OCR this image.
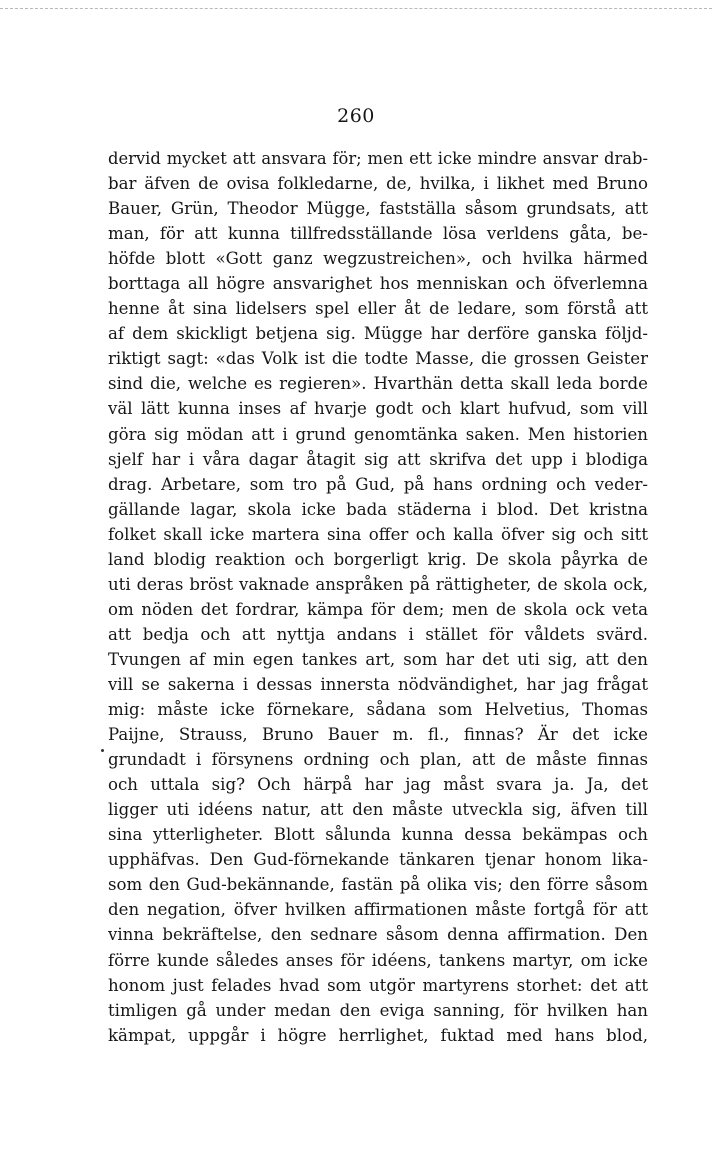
260
dervid mycket att ansvara för; men ett icke mindre ansvar drab-
bar äfven de ovisa folkledarne, de, hvilka, i likhet med Bruno
Bauer, Grün, Theodor Mügge, fastställa såsom grundsats, att
man, för att kunna tillfredsställande lösa verldens gåta, be-
höfde blott «Gott ganz wegzustreichen», och hvilka härmed
borttaga all högre ansvarighet hos menniskan och öfverlemna
henne åt sina lidelsers spel eller åt de ledare, som förstå att
af dem skickligt betjena sig. Mügge har derföre ganska följd-
riktigt sagt: «das Volk ist die todte Masse, die grossen Geister
sind die, welche es regieren». Hvarthän detta skall leda borde
väl lätt kunna inses af hvarje godt och klart hufvud, som vill
göra sig mödan att i grund genomtänka saken. Men historien
sjelf har i våra dagar åtagit sig att skrifva det upp i blodiga
drag. Arbetare, som tro på Gud, på hans ordning och veder-
gällande lagar, skola icke bada städerna i blod. Det kristna
folket skall icke martera sina offer och kalla öfver sig och sitt
land blodig reaktion och borgerligt krig. De skola påyrka de
uti deras bröst vaknade anspråken på rättigheter, de skola ock,
om nöden det fordrar, kämpa för dem; men de skola ock veta
att bedja och att nyttja andans i stället för våldets svärd.
Tvungen af min egen tankes art, som har det uti sig, att den
vill se sakerna i dessas innersta nödvändighet, har jag frågat
mig: måste icke förnekare, sådana som Helvetius, Thomas
Paijne, Strauss, Bruno Bauer m. fl., finnas? Är det icke
grundadt i försynens ordning och plan, att de måste finnas
och uttala sig? Och härpå har jag måst svara ja. Ja, det
ligger uti idéens natur, att den måste utveckla sig, äfven till
sina ytterligheter. Blott sålunda kunna dessa bekämpas och
upphäfvas. Den Gud-förnekande tänkaren tjenar honom lika-
som den Gud-bekännande, fastän på olika vis; den förre såsom
den negation, öfver hvilken affirmationen måste fortgå för att
vinna bekräftelse, den sednare såsom denna affirmation. Den
förre kunde således anses för idéens, tankens martyr, om icke
honom just felades hvad som utgör martyrens storhet: det att
timligen gå under medan den eviga sanning, för hvilken han
kämpat, uppgår i högre herrlighet, fuktad med hans blod,
